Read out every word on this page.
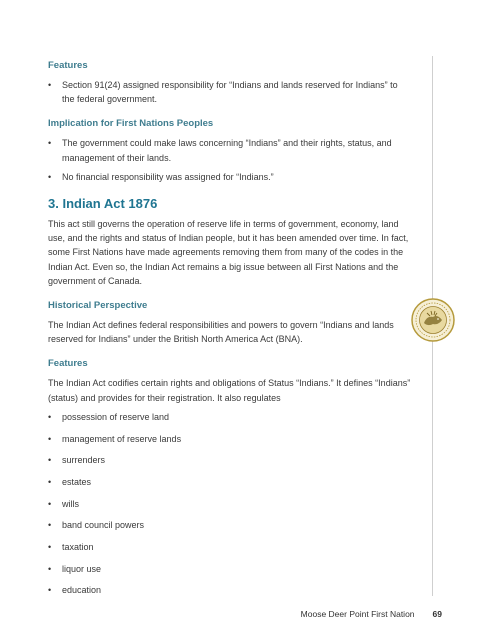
Features

• Section 91(24) assigned responsibility for “Indians and lands reserved for Indians” to the federal government.

Implication for First Nations Peoples

• The government could make laws concerning “Indians” and their rights, status, and management of their lands.
• No financial responsibility was assigned for “Indians.”
3. Indian Act 1876

This act still governs the operation of reserve life in terms of government, economy, land use, and the rights and status of Indian people, but it has been amended over time. In fact, some First Nations have made agreements removing them from many of the codes in the Indian Act. Even so, the Indian Act remains a big issue between all First Nations and the government of Canada.

Historical Perspective

The Indian Act defines federal responsibilities and powers to govern “Indians and lands reserved for Indians” under the British North America Act (BNA).

Features

The Indian Act codifies certain rights and obligations of Status “Indians.” It defines “Indians” (status) and provides for their registration. It also regulates

• possession of reserve land
• management of reserve lands
• surrenders
• estates
• wills
• band council powers
• taxation
• liquor use
• education
Moose Deer Point First Nation 69
